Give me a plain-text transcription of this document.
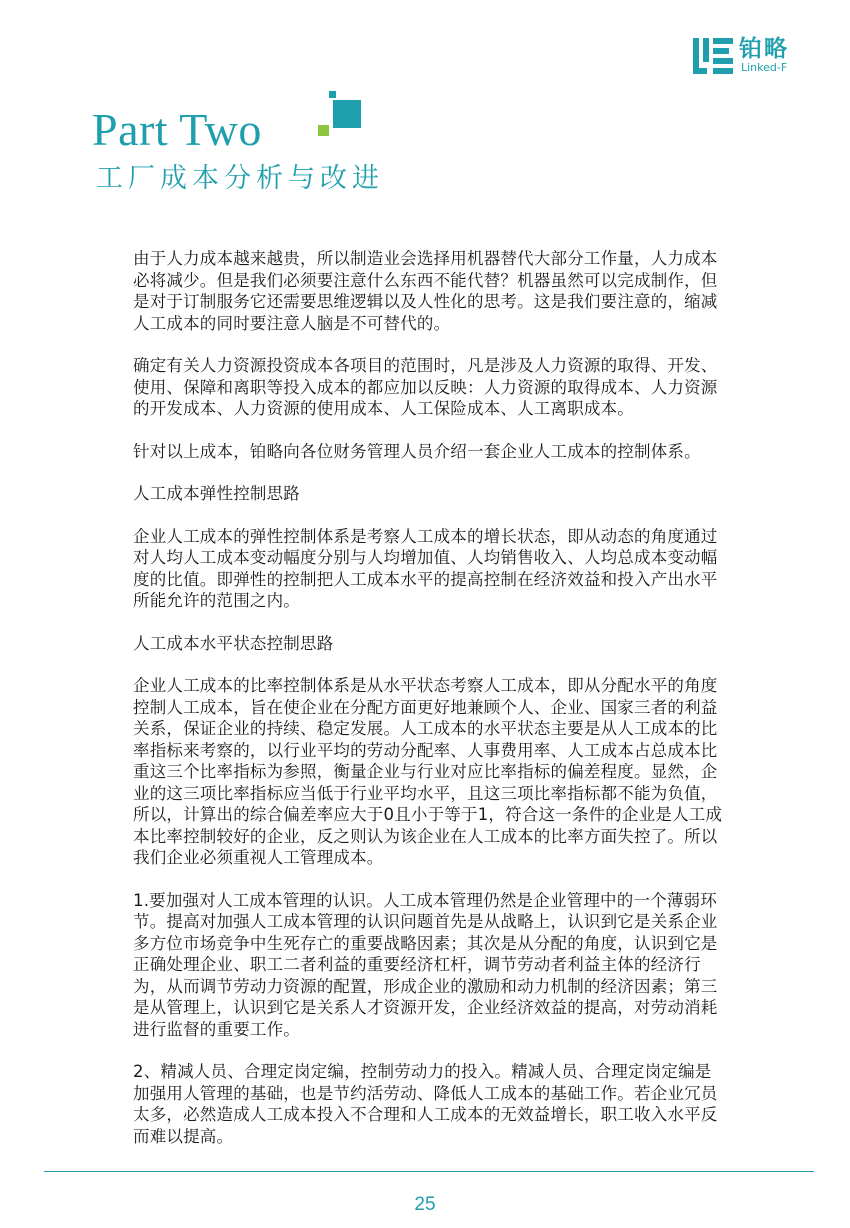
铂略
Linked-F
Part Two
工厂成本分析与改进

由于人力成本越来越贵，所以制造业会选择用机器替代大部分工作量，人力成本必将减少。但是我们必须要注意什么东西不能代替？机器虽然可以完成制作，但是对于订制服务它还需要思维逻辑以及人性化的思考。这是我们要注意的，缩减人工成本的同时要注意人脑是不可替代的。

确定有关人力资源投资成本各项目的范围时，凡是涉及人力资源的取得、开发、使用、保障和离职等投入成本的都应加以反映：人力资源的取得成本、人力资源的开发成本、人力资源的使用成本、人工保险成本、人工离职成本。

针对以上成本，铂略向各位财务管理人员介绍一套企业人工成本的控制体系。

人工成本弹性控制思路

企业人工成本的弹性控制体系是考察人工成本的增长状态，即从动态的角度通过对人均人工成本变动幅度分别与人均增加值、人均销售收入、人均总成本变动幅度的比值。即弹性的控制把人工成本水平的提高控制在经济效益和投入产出水平所能允许的范围之内。

人工成本水平状态控制思路

企业人工成本的比率控制体系是从水平状态考察人工成本，即从分配水平的角度控制人工成本，旨在使企业在分配方面更好地兼顾个人、企业、国家三者的利益关系，保证企业的持续、稳定发展。人工成本的水平状态主要是从人工成本的比率指标来考察的，以行业平均的劳动分配率、人事费用率、人工成本占总成本比重这三个比率指标为参照，衡量企业与行业对应比率指标的偏差程度。显然，企业的这三项比率指标应当低于行业平均水平，且这三项比率指标都不能为负值，所以，计算出的综合偏差率应大于0且小于等于1，符合这一条件的企业是人工成本比率控制较好的企业，反之则认为该企业在人工成本的比率方面失控了。所以我们企业必须重视人工管理成本。

1.要加强对人工成本管理的认识。人工成本管理仍然是企业管理中的一个薄弱环节。提高对加强人工成本管理的认识问题首先是从战略上，认识到它是关系企业多方位市场竞争中生死存亡的重要战略因素；其次是从分配的角度，认识到它是正确处理企业、职工二者利益的重要经济杠杆，调节劳动者利益主体的经济行为，从而调节劳动力资源的配置，形成企业的激励和动力机制的经济因素；第三是从管理上，认识到它是关系人才资源开发，企业经济效益的提高，对劳动消耗进行监督的重要工作。

2、精减人员、合理定岗定编，控制劳动力的投入。精减人员、合理定岗定编是加强用人管理的基础，也是节约活劳动、降低人工成本的基础工作。若企业冗员太多，必然造成人工成本投入不合理和人工成本的无效益增长，职工收入水平反而难以提高。

25
